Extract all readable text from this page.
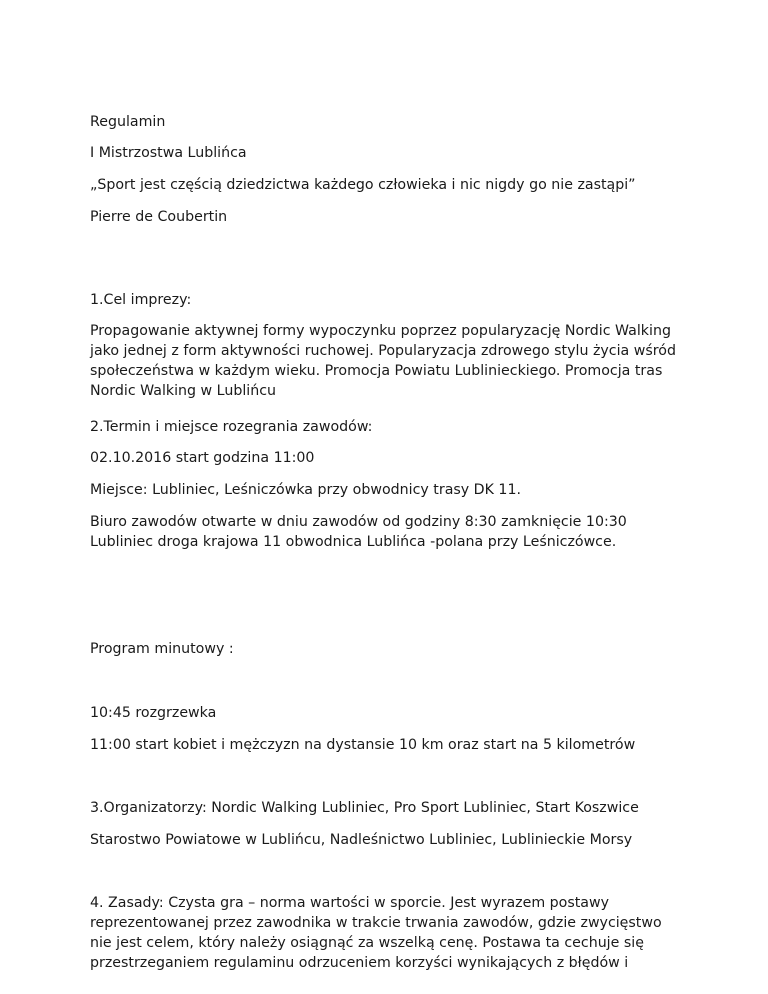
Regulamin

I Mistrzostwa Lublińca

„Sport jest częścią dziedzictwa każdego człowieka i nic nigdy go nie zastąpi”

Pierre de Coubertin

1.Cel imprezy:

Propagowanie aktywnej formy wypoczynku poprzez popularyzację Nordic Walking
jako jednej z form aktywności ruchowej. Popularyzacja zdrowego stylu życia wśród
społeczeństwa w każdym wieku. Promocja Powiatu Lublinieckiego. Promocja tras
Nordic Walking w Lublińcu

2.Termin i miejsce rozegrania zawodów:

02.10.2016 start godzina 11:00

Miejsce: Lubliniec, Leśniczówka przy obwodnicy trasy DK 11.

Biuro zawodów otwarte w dniu zawodów od godziny 8:30 zamknięcie 10:30
Lubliniec droga krajowa 11 obwodnica Lublińca -polana przy Leśniczówce.

Program minutowy :

10:45 rozgrzewka

11:00 start kobiet i mężczyzn na dystansie 10 km oraz start na 5 kilometrów

3.Organizatorzy: Nordic Walking Lubliniec, Pro Sport Lubliniec, Start Koszwice

Starostwo Powiatowe w Lublińcu, Nadleśnictwo Lubliniec, Lublinieckie Morsy

4. Zasady: Czysta gra – norma wartości w sporcie. Jest wyrazem postawy
reprezentowanej przez zawodnika w trakcie trwania zawodów, gdzie zwycięstwo
nie jest celem, który należy osiągnąć za wszelką cenę. Postawa ta cechuje się
przestrzeganiem regulaminu odrzuceniem korzyści wynikających z błędów i
